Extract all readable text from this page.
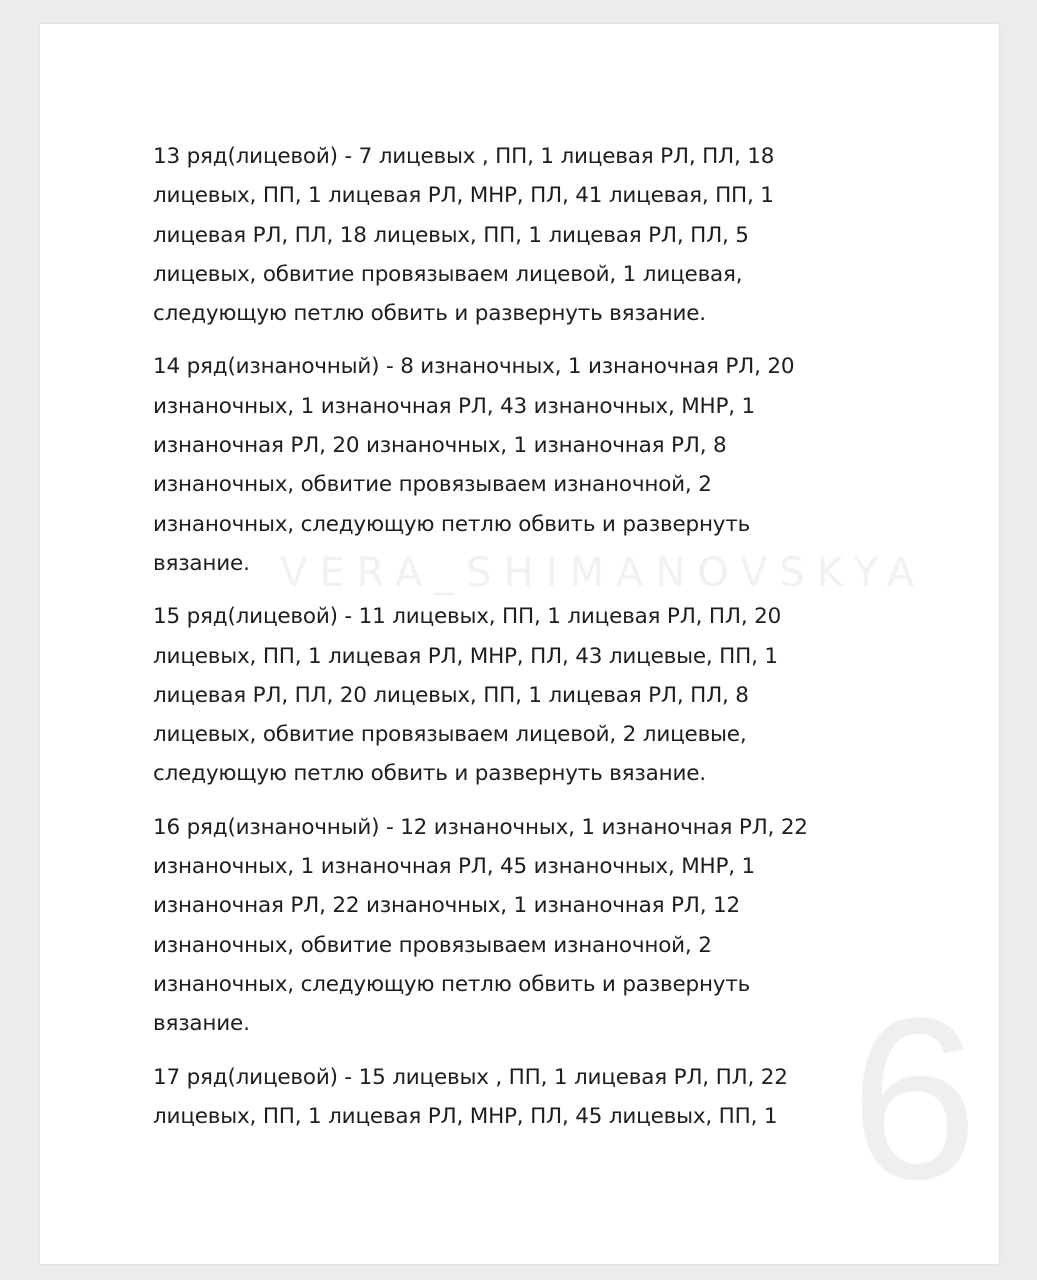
13 ряд(лицевой) - 7 лицевых , ПП, 1 лицевая РЛ, ПЛ, 18
лицевых, ПП, 1 лицевая РЛ, МНР, ПЛ, 41 лицевая, ПП, 1
лицевая РЛ, ПЛ, 18 лицевых, ПП, 1 лицевая РЛ, ПЛ, 5
лицевых, обвитие провязываем лицевой, 1 лицевая,
следующую петлю обвить и развернуть вязание.

14 ряд(изнаночный) - 8 изнаночных, 1 изнаночная РЛ, 20
изнаночных, 1 изнаночная РЛ, 43 изнаночных, МНР, 1
изнаночная РЛ, 20 изнаночных, 1 изнаночная РЛ, 8
изнаночных, обвитие провязываем изнаночной, 2
изнаночных, следующую петлю обвить и развернуть
вязание.

15 ряд(лицевой) - 11 лицевых, ПП, 1 лицевая РЛ, ПЛ, 20
лицевых, ПП, 1 лицевая РЛ, МНР, ПЛ, 43 лицевые, ПП, 1
лицевая РЛ, ПЛ, 20 лицевых, ПП, 1 лицевая РЛ, ПЛ, 8
лицевых, обвитие провязываем лицевой, 2 лицевые,
следующую петлю обвить и развернуть вязание.

16 ряд(изнаночный) - 12 изнаночных, 1 изнаночная РЛ, 22
изнаночных, 1 изнаночная РЛ, 45 изнаночных, МНР, 1
изнаночная РЛ, 22 изнаночных, 1 изнаночная РЛ, 12
изнаночных, обвитие провязываем изнаночной, 2
изнаночных, следующую петлю обвить и развернуть
вязание.

17 ряд(лицевой) - 15 лицевых , ПП, 1 лицевая РЛ, ПЛ, 22
лицевых, ПП, 1 лицевая РЛ, МНР, ПЛ, 45 лицевых, ПП, 1

VERA_SHIMANOVSKYA
6
